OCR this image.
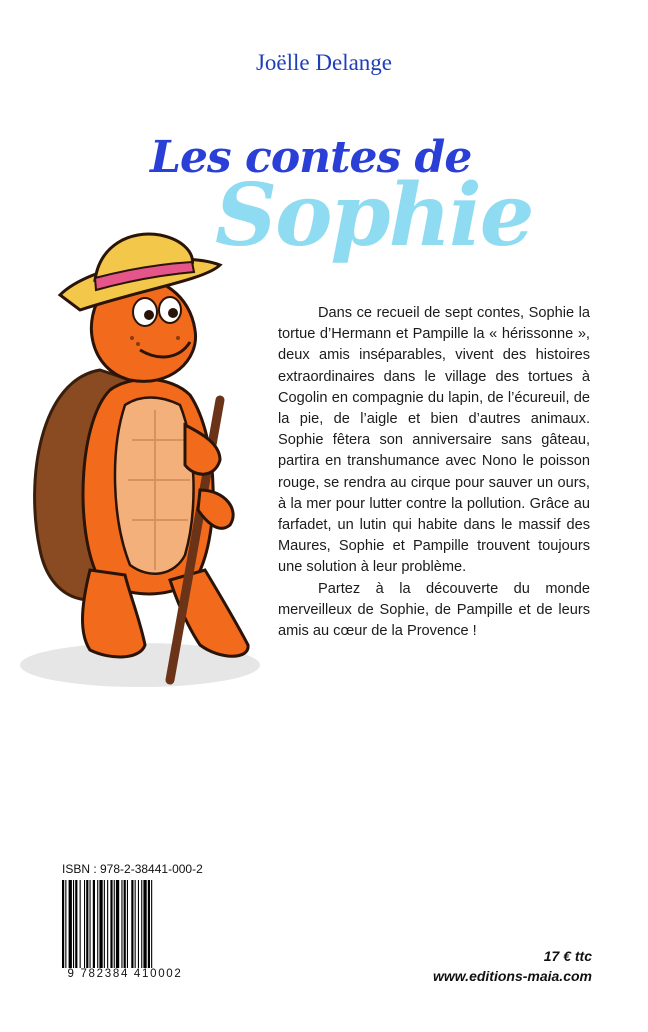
Joëlle Delange
Sophie
Les contes de

Dans ce recueil de sept contes, Sophie la tortue d’Hermann et Pampille la « hérissonne », deux amis inséparables, vivent des histoires extraordinaires dans le village des tortues à Cogolin en compagnie du lapin, de l’écureuil, de la pie, de l’aigle et bien d’autres animaux. Sophie fêtera son anniversaire sans gâteau, partira en transhumance avec Nono le poisson rouge, se rendra au cirque pour sauver un ours, à la mer pour lutter contre la pollution. Grâce au farfadet, un lutin qui habite dans le massif des Maures, Sophie et Pampille trouvent toujours une solution à leur problème.

Partez à la découverte du monde merveilleux de Sophie, de Pampille et de leurs amis au cœur de la Provence !

ISBN : 978-2-38441-000-2
9 782384 410002
17 € ttc
www.editions-maia.com
